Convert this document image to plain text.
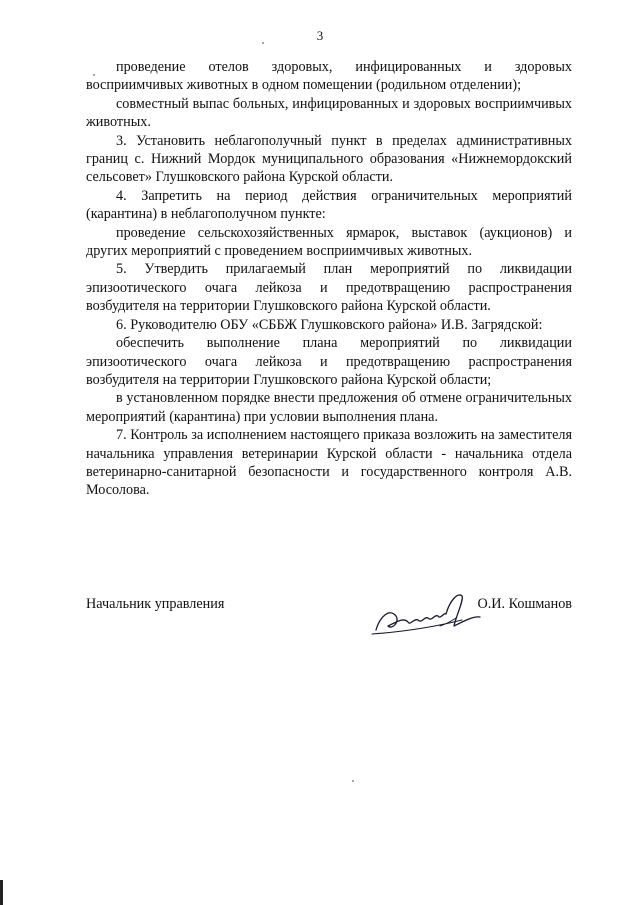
3

проведение отелов здоровых, инфицированных и здоровых восприимчивых животных в одном помещении (родильном отделении);

совместный выпас больных, инфицированных и здоровых восприимчивых животных.

3. Установить неблагополучный пункт в пределах административных границ с. Нижний Мордок муниципального образования «Нижнемордокский сельсовет» Глушковского района Курской области.

4. Запретить на период действия ограничительных мероприятий (карантина) в неблагополучном пункте:

проведение сельскохозяйственных ярмарок, выставок (аукционов) и других мероприятий с проведением восприимчивых животных.

5. Утвердить прилагаемый план мероприятий по ликвидации эпизоотического очага лейкоза и предотвращению распространения возбудителя на территории Глушковского района Курской области.

6. Руководителю ОБУ «СББЖ Глушковского района» И.В. Загрядской:

обеспечить выполнение плана мероприятий по ликвидации эпизоотического очага лейкоза и предотвращению распространения возбудителя на территории Глушковского района Курской области;

в установленном порядке внести предложения об отмене ограничительных мероприятий (карантина) при условии выполнения плана.

7. Контроль за исполнением настоящего приказа возложить на заместителя начальника управления ветеринарии Курской области - начальника отдела ветеринарно-санитарной безопасности и государственного контроля А.В. Мосолова.

Начальник управления	О.И. Кошманов
